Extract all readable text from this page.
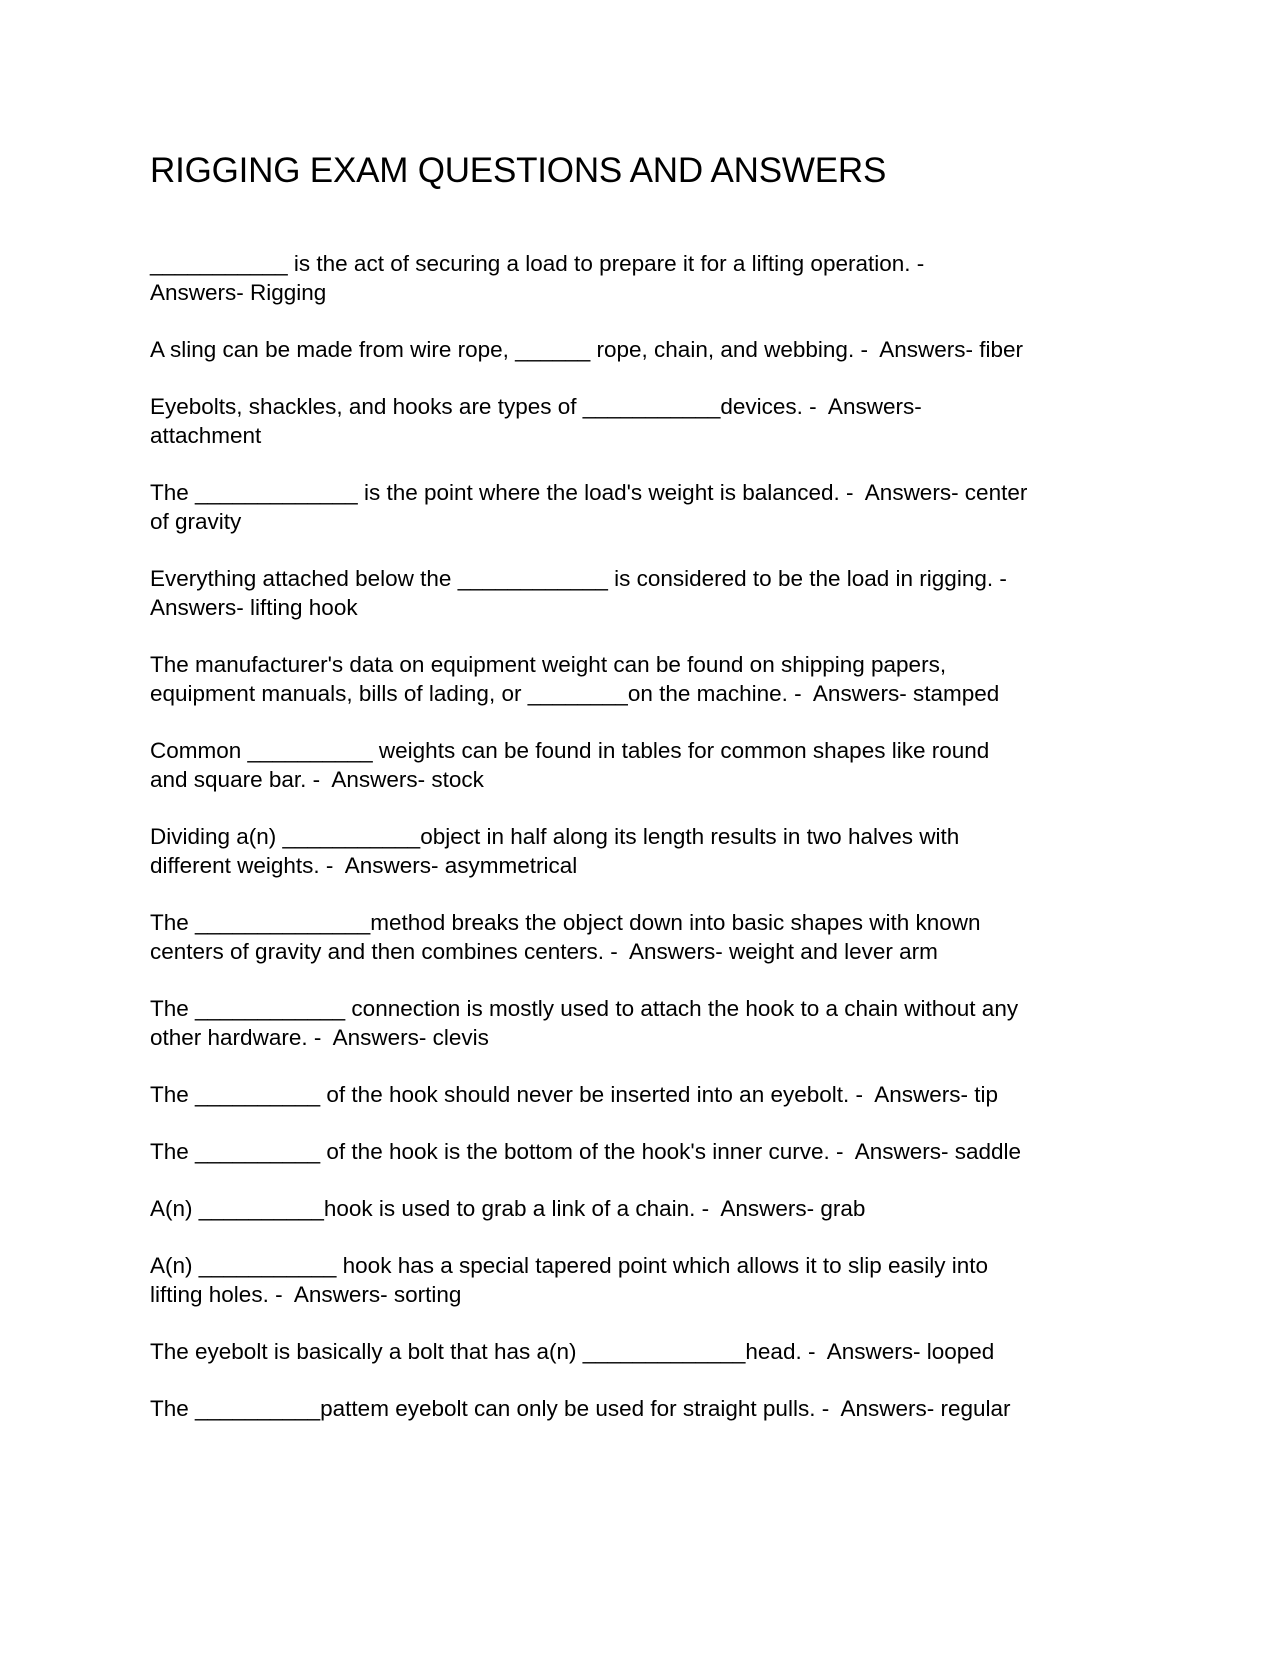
RIGGING EXAM QUESTIONS AND ANSWERS

___________ is the act of securing a load to prepare it for a lifting operation. -
Answers- Rigging

A sling can be made from wire rope, ______ rope, chain, and webbing. -  Answers- fiber

Eyebolts, shackles, and hooks are types of ___________devices. -  Answers-
attachment

The _____________ is the point where the load's weight is balanced. -  Answers- center
of gravity

Everything attached below the ____________ is considered to be the load in rigging. -
Answers- lifting hook

The manufacturer's data on equipment weight can be found on shipping papers,
equipment manuals, bills of lading, or ________on the machine. -  Answers- stamped

Common __________ weights can be found in tables for common shapes like round
and square bar. -  Answers- stock

Dividing a(n) ___________object in half along its length results in two halves with
different weights. -  Answers- asymmetrical

The ______________method breaks the object down into basic shapes with known
centers of gravity and then combines centers. -  Answers- weight and lever arm

The ____________ connection is mostly used to attach the hook to a chain without any
other hardware. -  Answers- clevis

The __________ of the hook should never be inserted into an eyebolt. -  Answers- tip

The __________ of the hook is the bottom of the hook's inner curve. -  Answers- saddle

A(n) __________hook is used to grab a link of a chain. -  Answers- grab

A(n) ___________ hook has a special tapered point which allows it to slip easily into
lifting holes. -  Answers- sorting

The eyebolt is basically a bolt that has a(n) _____________head. -  Answers- looped

The __________pattem eyebolt can only be used for straight pulls. -  Answers- regular
